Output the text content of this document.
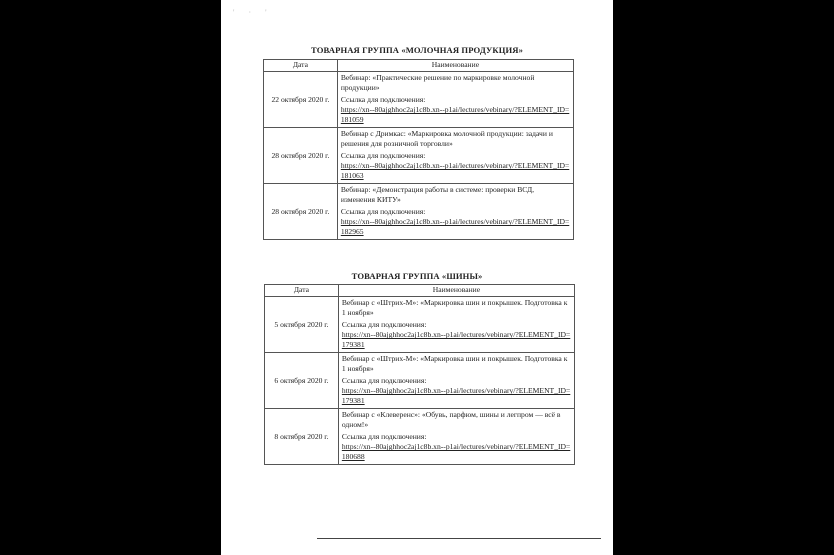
' · '
ТОВАРНАЯ ГРУППА «МОЛОЧНАЯ ПРОДУКЦИЯ»
Дата	Наименование
22 октября 2020 г.	Вебинар: «Практические решение по маркировке молочной продукции»
Ссылка для подключения:
https://xn--80ajghhoc2aj1c8b.xn--p1ai/lectures/vebinary/?ELEMENT_ID=181059

28 октября 2020 г.	Вебинар с Дримкас: «Маркировка молочной продукции: задачи и решения для розничной торговли»
Ссылка для подключения:
https://xn--80ajghhoc2aj1c8b.xn--p1ai/lectures/vebinary/?ELEMENT_ID=181063

28 октября 2020 г.	Вебинар: «Демонстрация работы в системе: проверки ВСД, изменения КИТУ»
Ссылка для подключения:
https://xn--80ajghhoc2aj1c8b.xn--p1ai/lectures/vebinary/?ELEMENT_ID=182965
ТОВАРНАЯ ГРУППА «ШИНЫ»
Дата	Наименование
5 октября 2020 г.	Вебинар с «Штрих-М»: «Маркировка шин и покрышек. Подготовка к 1 ноября»
Ссылка для подключения:
https://xn--80ajghhoc2aj1c8b.xn--p1ai/lectures/vebinary/?ELEMENT_ID=179381

6 октября 2020 г.	Вебинар с «Штрих-М»: «Маркировка шин и покрышек. Подготовка к 1 ноября»
Ссылка для подключения:
https://xn--80ajghhoc2aj1c8b.xn--p1ai/lectures/vebinary/?ELEMENT_ID=179381

8 октября 2020 г.	Вебинар с «Клеверенс»: «Обувь, парфюм, шины и легпром — всё в одном!»
Ссылка для подключения:
https://xn--80ajghhoc2aj1c8b.xn--p1ai/lectures/vebinary/?ELEMENT_ID=180688
